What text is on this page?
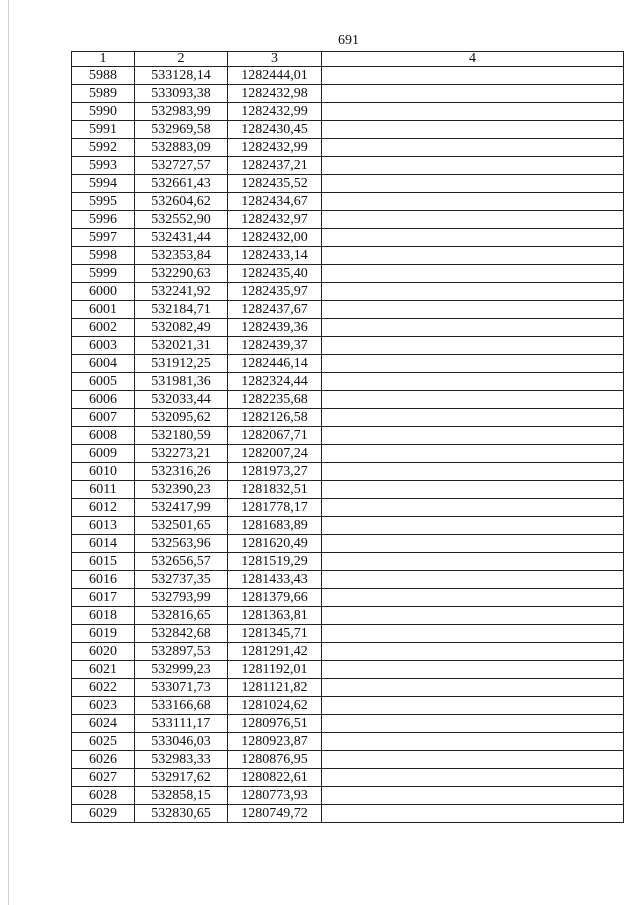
691
1	2	3	4
5988	533128,14	1282444,01	
5989	533093,38	1282432,98	
5990	532983,99	1282432,99	
5991	532969,58	1282430,45	
5992	532883,09	1282432,99	
5993	532727,57	1282437,21	
5994	532661,43	1282435,52	
5995	532604,62	1282434,67	
5996	532552,90	1282432,97	
5997	532431,44	1282432,00	
5998	532353,84	1282433,14	
5999	532290,63	1282435,40	
6000	532241,92	1282435,97	
6001	532184,71	1282437,67	
6002	532082,49	1282439,36	
6003	532021,31	1282439,37	
6004	531912,25	1282446,14	
6005	531981,36	1282324,44	
6006	532033,44	1282235,68	
6007	532095,62	1282126,58	
6008	532180,59	1282067,71	
6009	532273,21	1282007,24	
6010	532316,26	1281973,27	
6011	532390,23	1281832,51	
6012	532417,99	1281778,17	
6013	532501,65	1281683,89	
6014	532563,96	1281620,49	
6015	532656,57	1281519,29	
6016	532737,35	1281433,43	
6017	532793,99	1281379,66	
6018	532816,65	1281363,81	
6019	532842,68	1281345,71	
6020	532897,53	1281291,42	
6021	532999,23	1281192,01	
6022	533071,73	1281121,82	
6023	533166,68	1281024,62	
6024	533111,17	1280976,51	
6025	533046,03	1280923,87	
6026	532983,33	1280876,95	
6027	532917,62	1280822,61	
6028	532858,15	1280773,93	
6029	532830,65	1280749,72	
